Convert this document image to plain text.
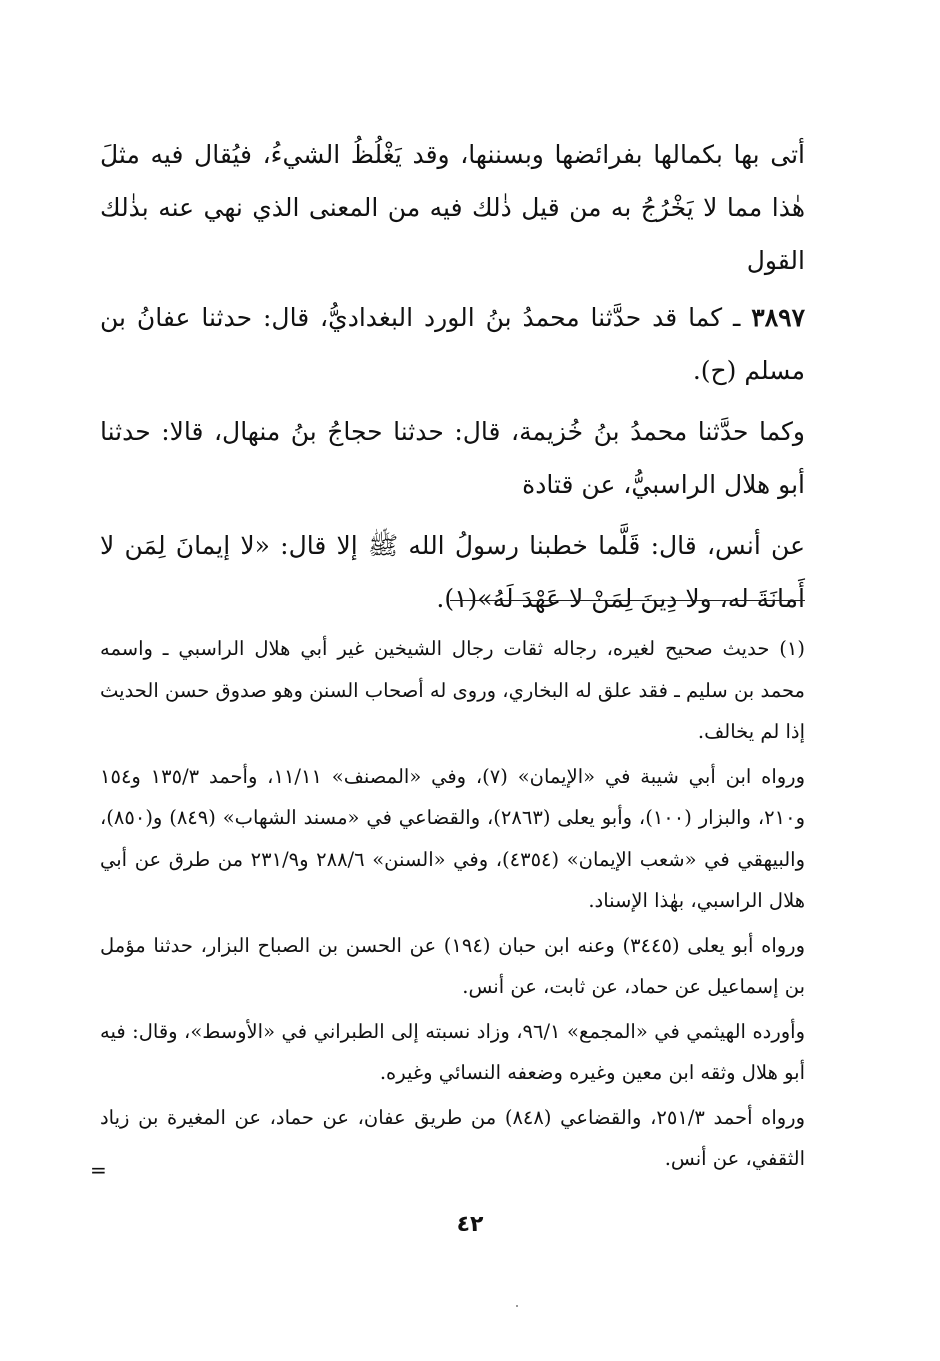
أتى بها بكمالها بفرائضها وبسننها، وقد يَغْلُظُ الشيءُ، فيُقال فيه مثلَ هٰذا مما لا يَخْرُجُ به من قيل ذٰلك فيه من المعنى الذي نهي عنه بذٰلك القول

٣٨٩٧ ـ كما قد حدَّثنا محمدُ بنُ الورد البغداديُّ، قال: حدثنا عفانُ بن مسلم (ح).

وكما حدَّثنا محمدُ بنُ خُزيمة، قال: حدثنا حجاجُ بنُ منهال، قالا: حدثنا أبو هلال الراسبيُّ، عن قتادة

عن أنس، قال: قَلَّما خطبنا رسولُ الله ﷺ إلا قال: «لا إيمانَ لِمَن لا أَمانَةَ له، ولا دِينَ لِمَنْ لا عَهْدَ لَهُ»(١).

(١) حديث صحيح لغيره، رجاله ثقات رجال الشيخين غير أبي هلال الراسبي ـ واسمه محمد بن سليم ـ فقد علق له البخاري، وروى له أصحاب السنن وهو صدوق حسن الحديث إذا لم يخالف.

ورواه ابن أبي شيبة في «الإيمان» (٧)، وفي «المصنف» ١١/١١، وأحمد ١٣٥/٣ و١٥٤ و٢١٠، والبزار (١٠٠)، وأبو يعلى (٢٨٦٣)، والقضاعي في «مسند الشهاب» (٨٤٩) و(٨٥٠)، والبيهقي في «شعب الإيمان» (٤٣٥٤)، وفي «السنن» ٢٨٨/٦ و٢٣١/٩ من طرق عن أبي هلال الراسبي، بهٰذا الإسناد.

ورواه أبو يعلى (٣٤٤٥) وعنه ابن حبان (١٩٤) عن الحسن بن الصباح البزار، حدثنا مؤمل بن إسماعيل عن حماد، عن ثابت، عن أنس.

وأورده الهيثمي في «المجمع» ٩٦/١، وزاد نسبته إلى الطبراني في «الأوسط»، وقال: فيه أبو هلال وثقه ابن معين وغيره وضعفه النسائي وغيره.

ورواه أحمد ٢٥١/٣، والقضاعي (٨٤٨) من طريق عفان، عن حماد، عن المغيرة بن زياد الثقفي، عن أنس.

=
٤٢
